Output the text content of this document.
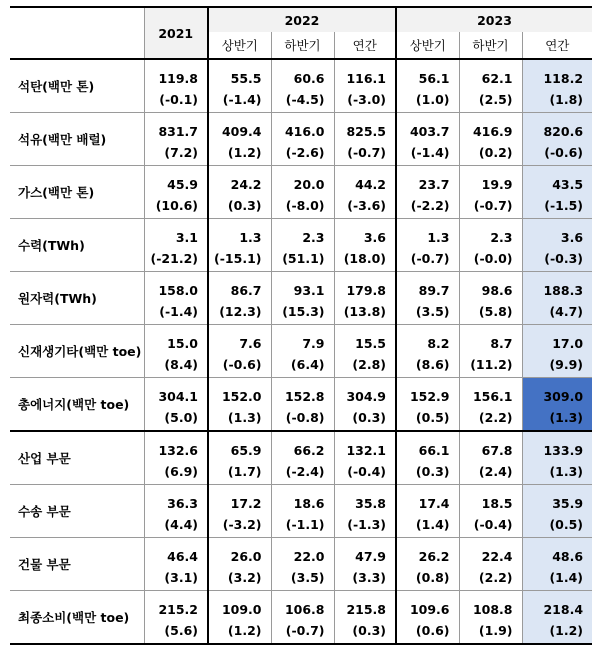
	2021	2022			2023		
		상반기	하반기	연간	상반기	하반기	연간
석탄(백만 톤)	119.8	55.5	60.6	116.1	56.1	62.1	118.2
	(-0.1)	(-1.4)	(-4.5)	(-3.0)	(1.0)	(2.5)	(1.8)
석유(백만 배럴)	831.7	409.4	416.0	825.5	403.7	416.9	820.6
	(7.2)	(1.2)	(-2.6)	(-0.7)	(-1.4)	(0.2)	(-0.6)
가스(백만 톤)	45.9	24.2	20.0	44.2	23.7	19.9	43.5
	(10.6)	(0.3)	(-8.0)	(-3.6)	(-2.2)	(-0.7)	(-1.5)
수력(TWh)	3.1	1.3	2.3	3.6	1.3	2.3	3.6
	(-21.2)	(-15.1)	(51.1)	(18.0)	(-0.7)	(-0.0)	(-0.3)
원자력(TWh)	158.0	86.7	93.1	179.8	89.7	98.6	188.3
	(-1.4)	(12.3)	(15.3)	(13.8)	(3.5)	(5.8)	(4.7)
신재생기타(백만 toe)	15.0	7.6	7.9	15.5	8.2	8.7	17.0
	(8.4)	(-0.6)	(6.4)	(2.8)	(8.6)	(11.2)	(9.9)
총에너지(백만 toe)	304.1	152.0	152.8	304.9	152.9	156.1	309.0
	(5.0)	(1.3)	(-0.8)	(0.3)	(0.5)	(2.2)	(1.3)
산업 부문	132.6	65.9	66.2	132.1	66.1	67.8	133.9
	(6.9)	(1.7)	(-2.4)	(-0.4)	(0.3)	(2.4)	(1.3)
수송 부문	36.3	17.2	18.6	35.8	17.4	18.5	35.9
	(4.4)	(-3.2)	(-1.1)	(-1.3)	(1.4)	(-0.4)	(0.5)
건물 부문	46.4	26.0	22.0	47.9	26.2	22.4	48.6
	(3.1)	(3.2)	(3.5)	(3.3)	(0.8)	(2.2)	(1.4)
최종소비(백만 toe)	215.2	109.0	106.8	215.8	109.6	108.8	218.4
	(5.6)	(1.2)	(-0.7)	(0.3)	(0.6)	(1.9)	(1.2)
